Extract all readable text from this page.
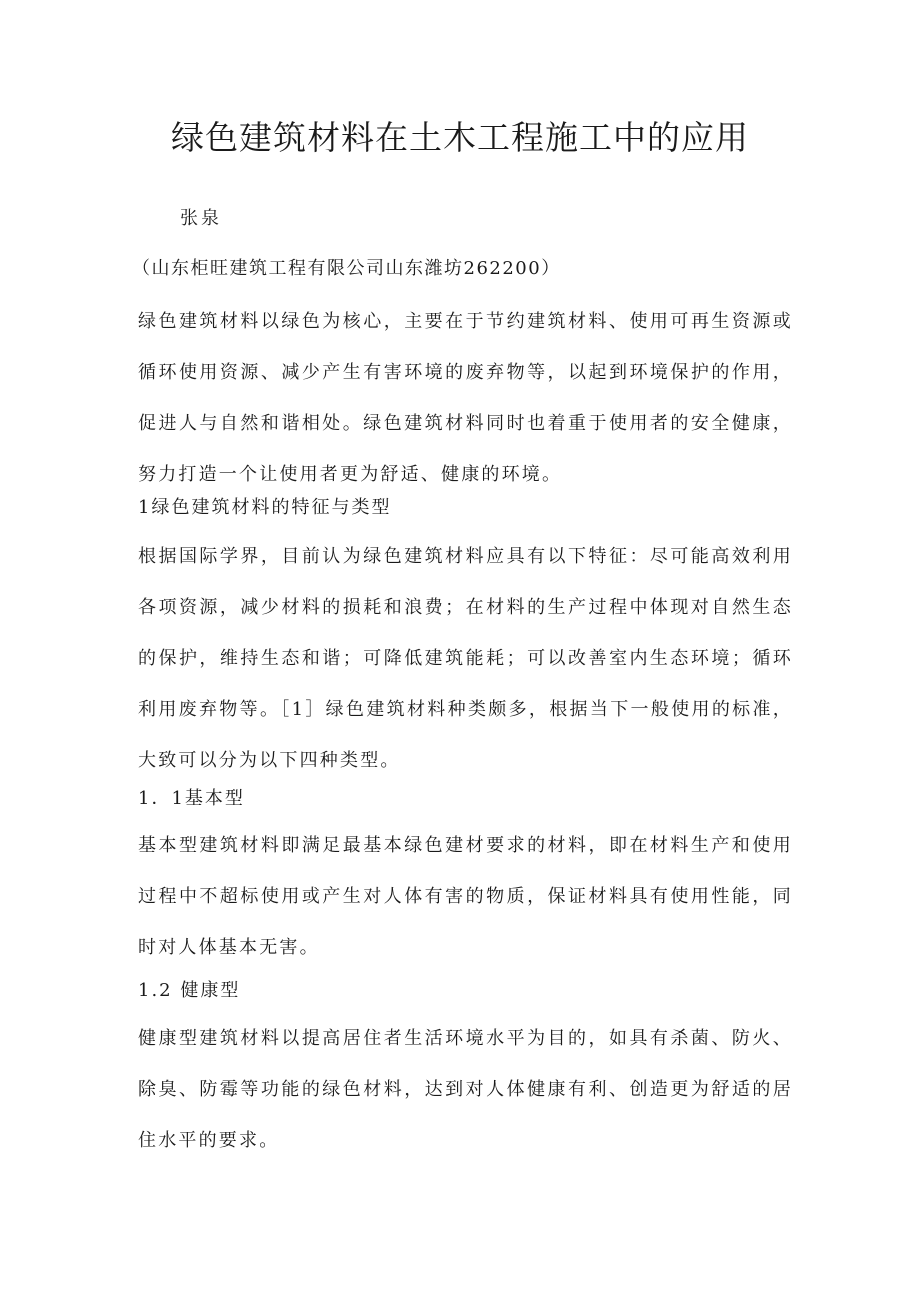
绿色建筑材料在土木工程施工中的应用

张泉

（山东柜旺建筑工程有限公司山东潍坊262200）

绿色建筑材料以绿色为核心，主要在于节约建筑材料、使用可再生资源或循环使用资源、减少产生有害环境的废弃物等，以起到环境保护的作用，促进人与自然和谐相处。绿色建筑材料同时也着重于使用者的安全健康，努力打造一个让使用者更为舒适、健康的环境。

1绿色建筑材料的特征与类型

根据国际学界，目前认为绿色建筑材料应具有以下特征：尽可能高效利用各项资源，减少材料的损耗和浪费；在材料的生产过程中体现对自然生态的保护，维持生态和谐；可降低建筑能耗；可以改善室内生态环境；循环利用废弃物等。［1］绿色建筑材料种类颇多，根据当下一般使用的标准，大致可以分为以下四种类型。

1．1基本型

基本型建筑材料即满足最基本绿色建材要求的材料，即在材料生产和使用过程中不超标使用或产生对人体有害的物质，保证材料具有使用性能，同时对人体基本无害。

1.2 健康型

健康型建筑材料以提高居住者生活环境水平为目的，如具有杀菌、防火、除臭、防霉等功能的绿色材料，达到对人体健康有利、创造更为舒适的居住水平的要求。
